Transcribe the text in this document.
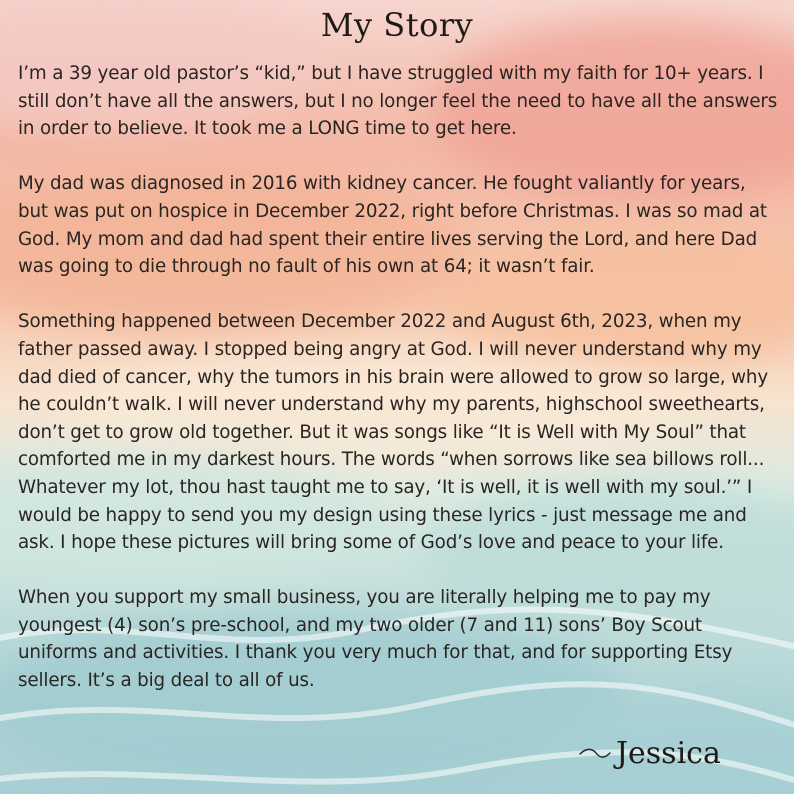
My Story

I’m a 39 year old pastor’s “kid,” but I have struggled with my faith for 10+ years. I still don’t have all the answers, but I no longer feel the need to have all the answers in order to believe. It took me a LONG time to get here.

My dad was diagnosed in 2016 with kidney cancer. He fought valiantly for years, but was put on hospice in December 2022, right before Christmas. I was so mad at God. My mom and dad had spent their entire lives serving the Lord, and here Dad was going to die through no fault of his own at 64; it wasn’t fair.

Something happened between December 2022 and August 6th, 2023, when my father passed away. I stopped being angry at God. I will never understand why my dad died of cancer, why the tumors in his brain were allowed to grow so large, why he couldn’t walk. I will never understand why my parents, highschool sweethearts, don’t get to grow old together. But it was songs like “It is Well with My Soul” that comforted me in my darkest hours. The words “when sorrows like sea billows roll... Whatever my lot, thou hast taught me to say, ‘It is well, it is well with my soul.’” I would be happy to send you my design using these lyrics - just message me and ask. I hope these pictures will bring some of God’s love and peace to your life.

When you support my small business, you are literally helping me to pay my youngest (4) son’s pre-school, and my two older (7 and 11) sons’ Boy Scout uniforms and activities. I thank you very much for that, and for supporting Etsy sellers. It’s a big deal to all of us.

Jessica
